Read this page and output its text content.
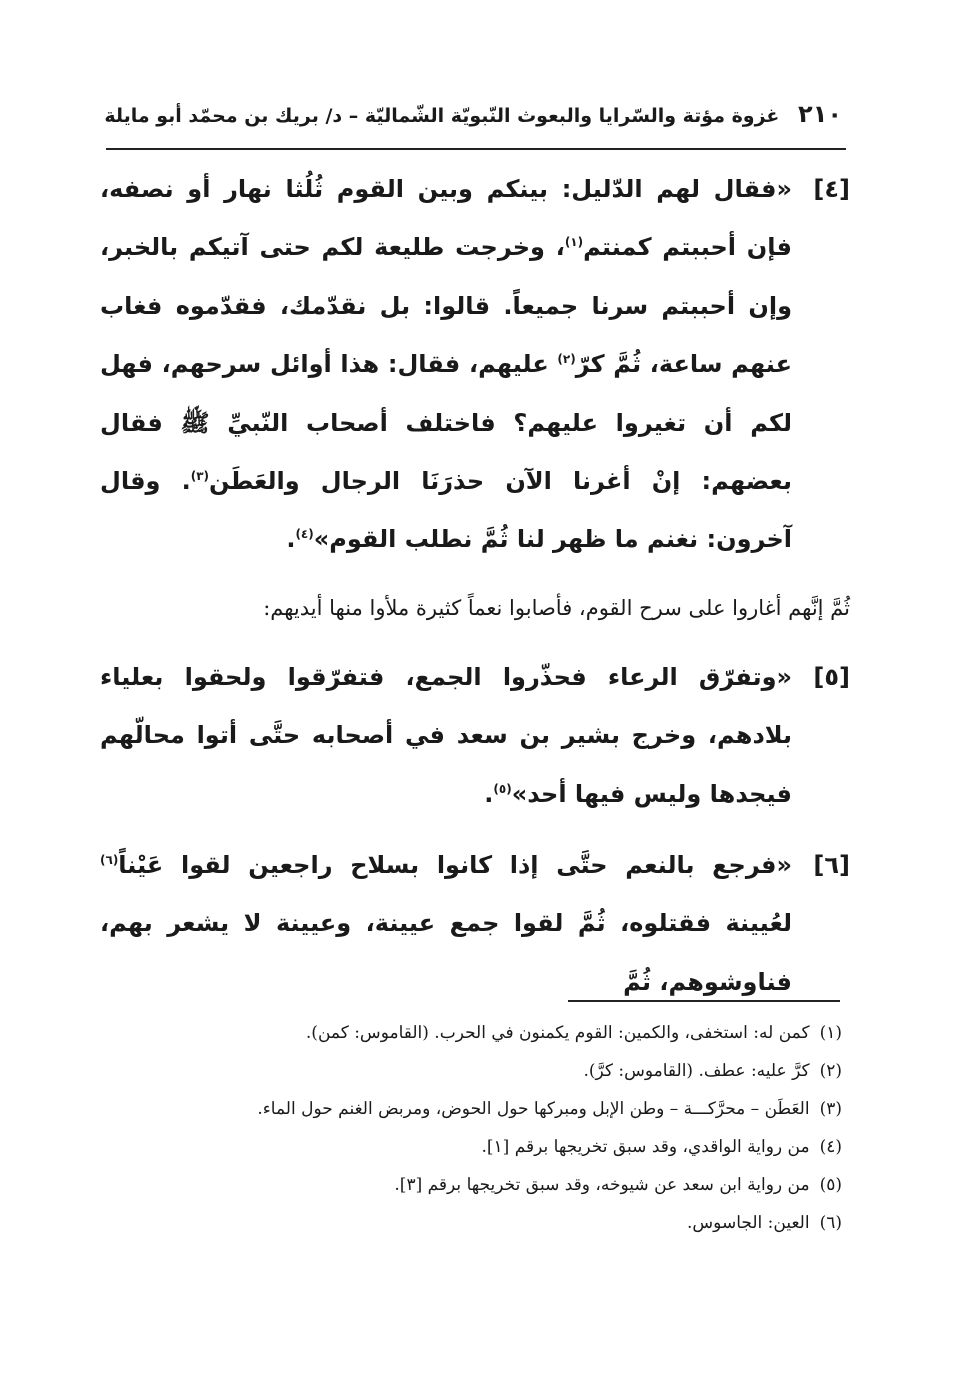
٢١٠ غزوة مؤتة والسّرايا والبعوث النّبويّة الشّماليّة – د/ بريك بن محمّد أبو مايلة

[٤]
«فقال لهم الدّليل: بينكم وبين القوم ثُلُثا نهار أو نصفه، فإن أحببتم كمنتم$^{(١)}$، وخرجت طليعة لكم حتى آتيكم بالخبر، وإن أحببتم سرنا جميعاً. قالوا: بل نقدّمك، فقدّموه فغاب عنهم ساعة، ثُمَّ كرّ$^{(٢)}$ عليهم، فقال: هذا أوائل سرحهم، فهل لكم أن تغيروا عليهم؟ فاختلف أصحاب النّبيِّ ﷺ فقال بعضهم: إنْ أغرنا الآن حذرَنَا الرجال والعَطَن$^{(٣)}$. وقال آخرون: نغنم ما ظهر لنا ثُمَّ نطلب القوم»$^{(٤)}$.

ثُمَّ إنَّهم أغاروا على سرح القوم، فأصابوا نعماً كثيرة ملأوا منها أيديهم:

[٥]
«وتفرّق الرعاء فحذّروا الجمع، فتفرّقوا ولحقوا بعلياء بلادهم، وخرج بشير بن سعد في أصحابه حتَّى أتوا محالّهم فيجدها وليس فيها أحد»$^{(٥)}$.

[٦]
«فرجع بالنعم حتَّى إذا كانوا بسلاح راجعين لقوا عَيْناً$^{(٦)}$ لعُيينة فقتلوه، ثُمَّ لقوا جمع عيينة، وعيينة لا يشعر بهم، فناوشوهم، ثُمَّ

(١)كمن له: استخفى، والكمين: القوم يكمنون في الحرب. (القاموس: كمن).
(٢)كرَّ عليه: عطف. (القاموس: كرَّ).
(٣)العَطَن – محرَّكـــة – وطن الإبل ومبركها حول الحوض، ومربض الغنم حول الماء.
(٤)من رواية الواقدي، وقد سبق تخريجها برقم [١].
(٥)من رواية ابن سعد عن شيوخه، وقد سبق تخريجها برقم [٣].
(٦)العين: الجاسوس.
